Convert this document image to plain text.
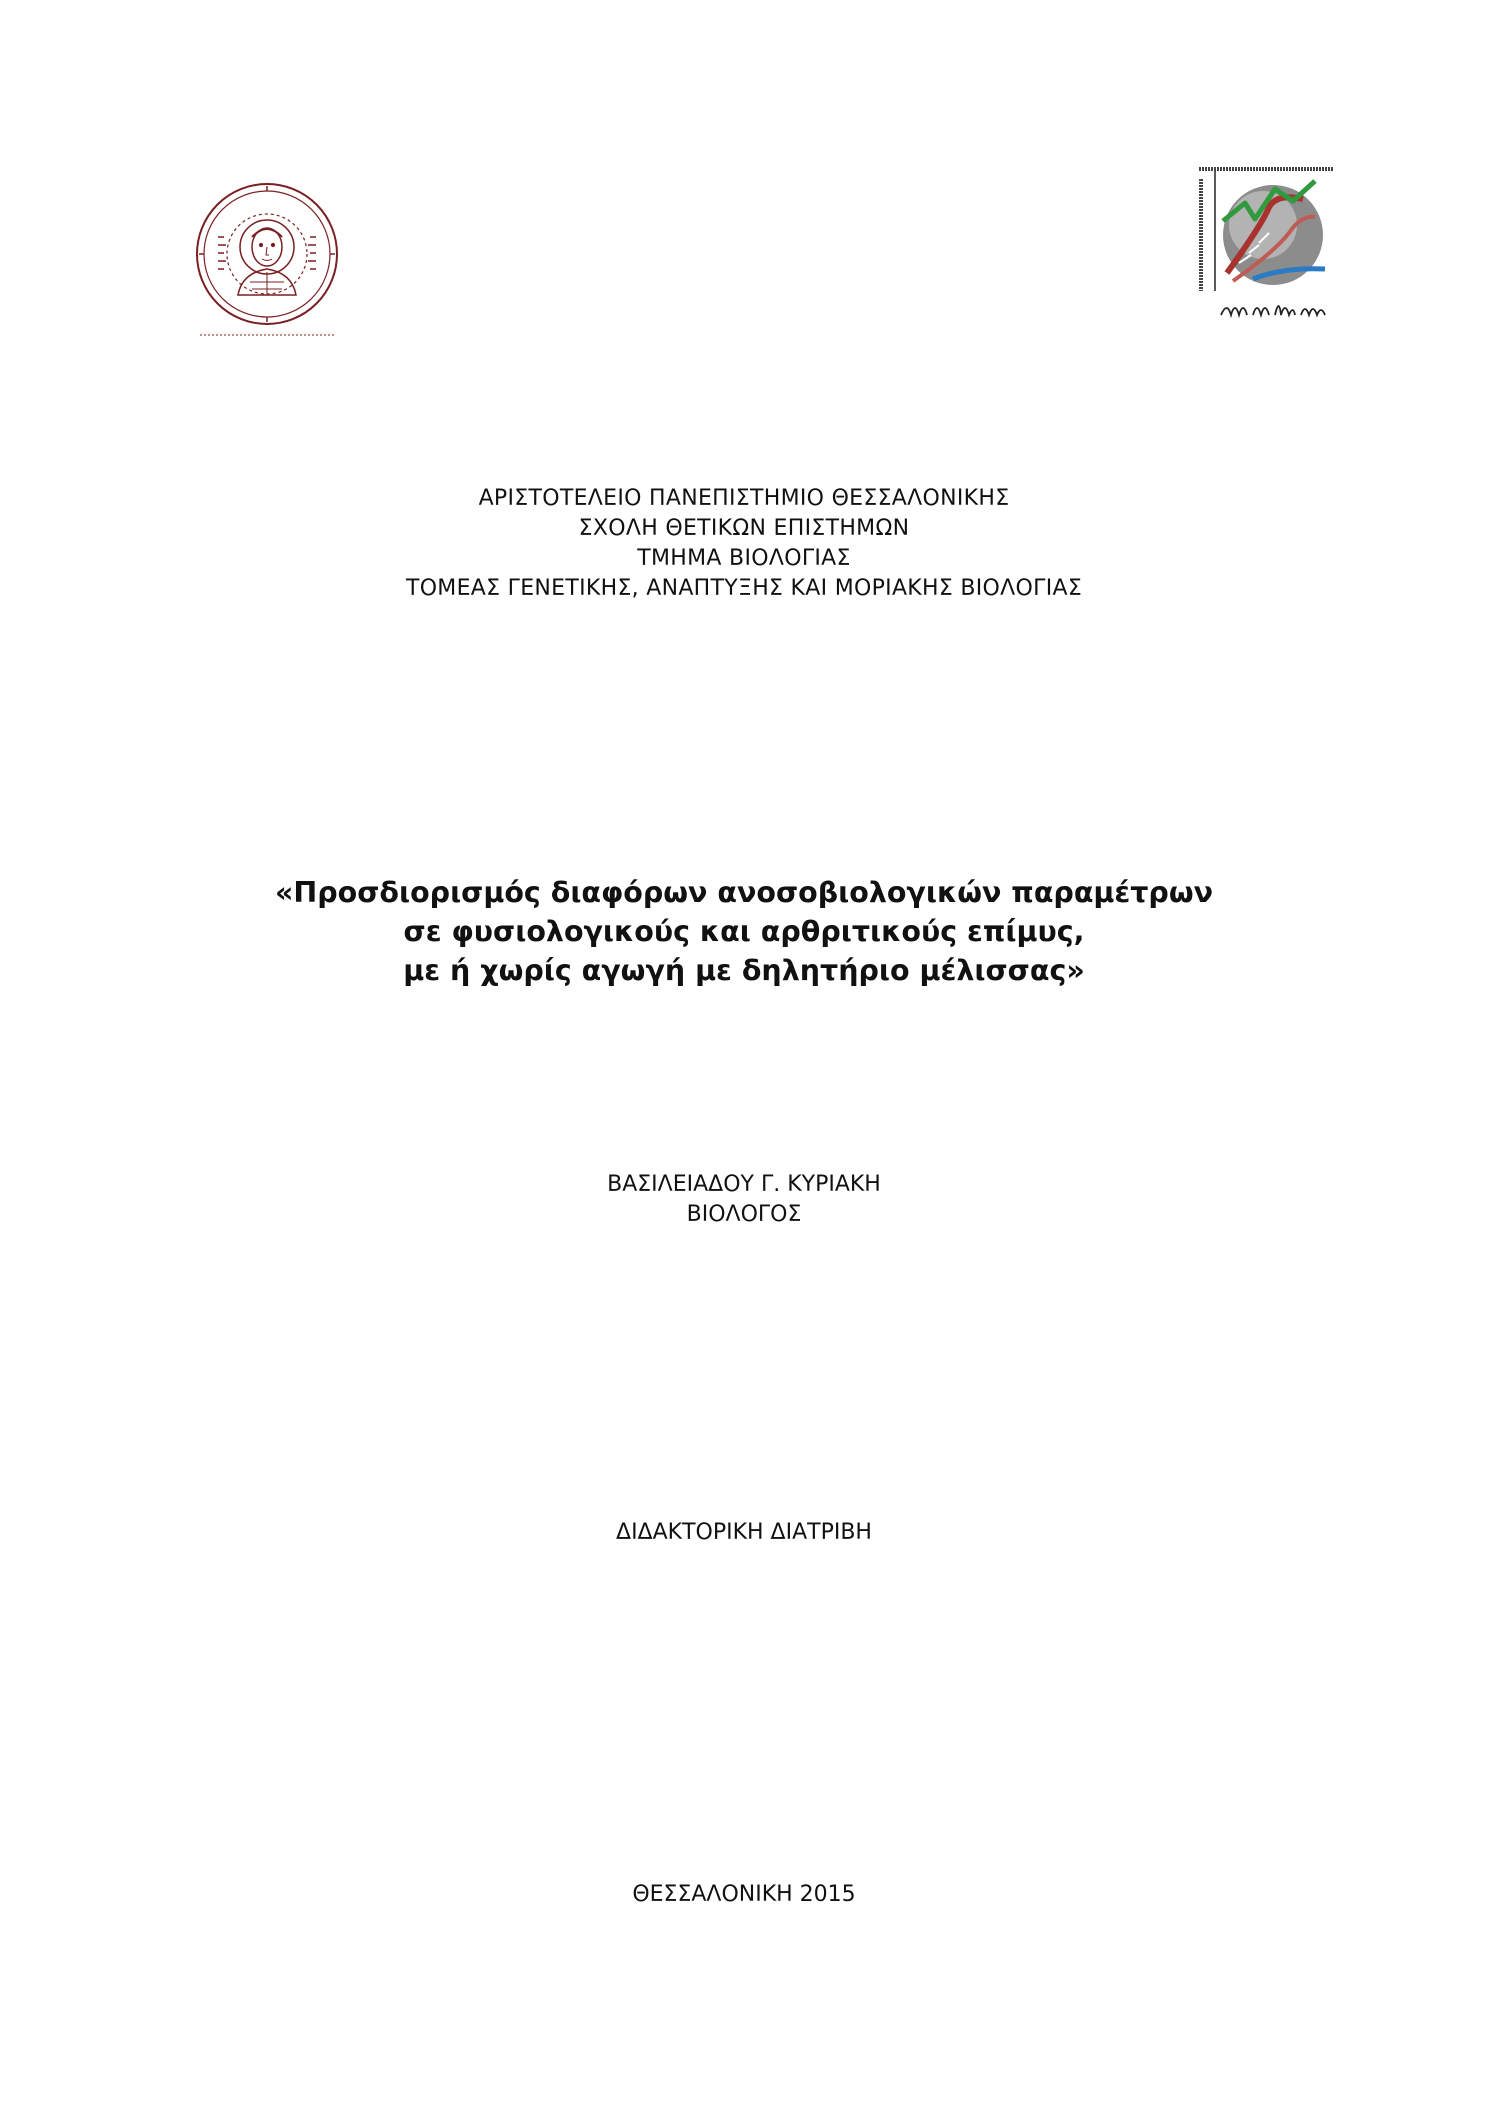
ΑΡΙΣΤΟΤΕΛΕΙΟ ΠΑΝΕΠΙΣΤΗΜΙΟ ΘΕΣΣΑΛΟΝΙΚΗΣ
ΣΧΟΛΗ ΘΕΤΙΚΩΝ ΕΠΙΣΤΗΜΩΝ
ΤΜΗΜΑ ΒΙΟΛΟΓΙΑΣ
ΤΟΜΕΑΣ ΓΕΝΕΤΙΚΗΣ, ΑΝΑΠΤΥΞΗΣ ΚΑΙ ΜΟΡΙΑΚΗΣ ΒΙΟΛΟΓΙΑΣ
«Προσδιορισμός διαφόρων ανοσοβιολογικών παραμέτρων
σε φυσιολογικούς και αρθριτικούς επίμυς,
με ή χωρίς αγωγή με δηλητήριο μέλισσας»
ΒΑΣΙΛΕΙΑΔΟΥ Γ. ΚΥΡΙΑΚΗ
ΒΙΟΛΟΓΟΣ
ΔΙΔΑΚΤΟΡΙΚΗ ΔΙΑΤΡΙΒΗ
ΘΕΣΣΑΛΟΝΙΚΗ 2015
